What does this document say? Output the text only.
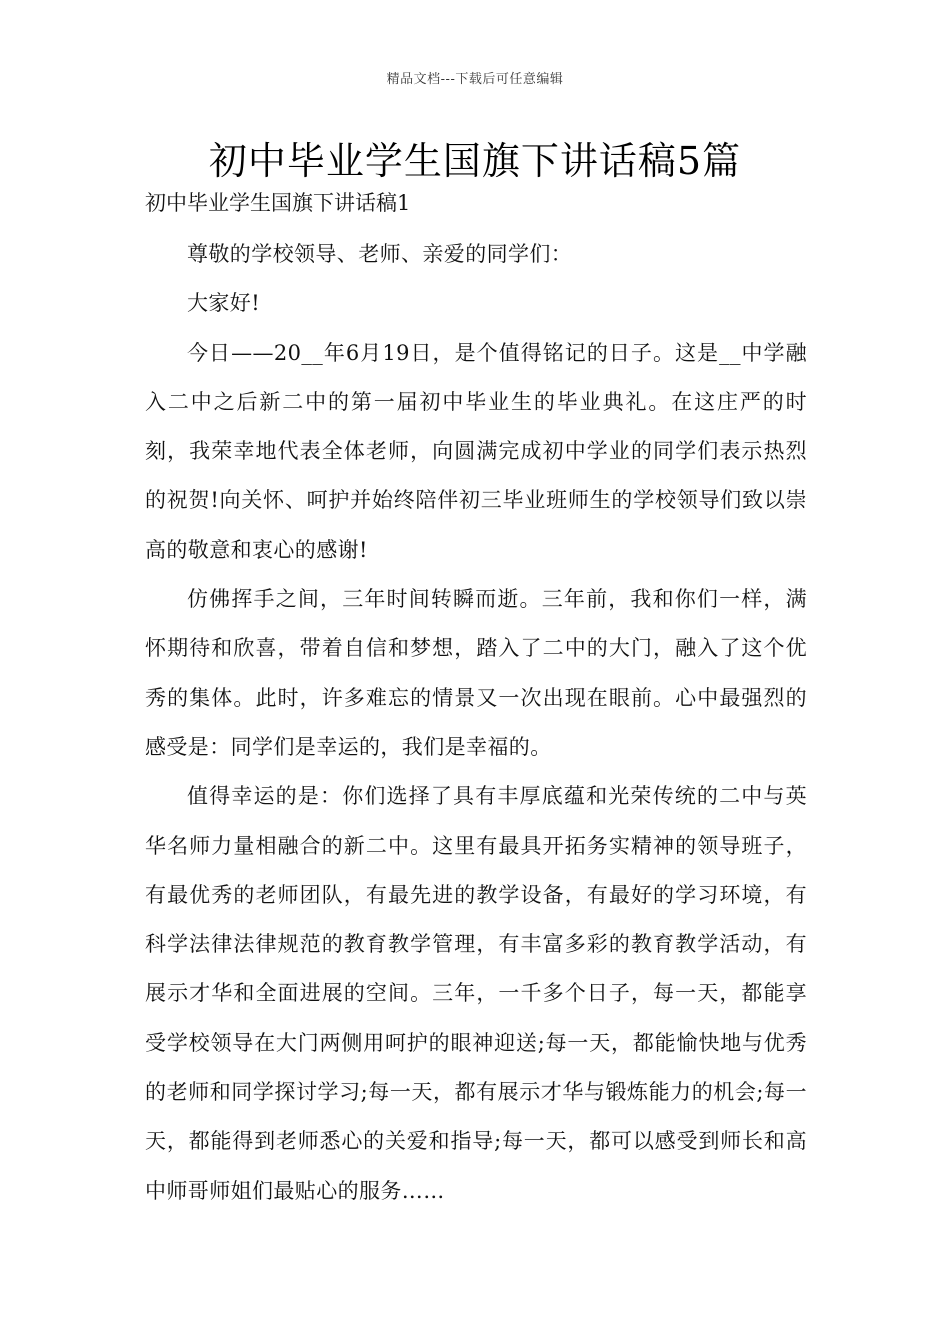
精品文档---下载后可任意编辑
初中毕业学生国旗下讲话稿5篇
初中毕业学生国旗下讲话稿1

尊敬的学校领导、老师、亲爱的同学们：

大家好!

今日——20__年6月19日，是个值得铭记的日子。这是__中学融入二中之后新二中的第一届初中毕业生的毕业典礼。在这庄严的时刻，我荣幸地代表全体老师，向圆满完成初中学业的同学们表示热烈的祝贺!向关怀、呵护并始终陪伴初三毕业班师生的学校领导们致以崇高的敬意和衷心的感谢!

仿佛挥手之间，三年时间转瞬而逝。三年前，我和你们一样，满怀期待和欣喜，带着自信和梦想，踏入了二中的大门，融入了这个优秀的集体。此时，许多难忘的情景又一次出现在眼前。心中最强烈的感受是：同学们是幸运的，我们是幸福的。

值得幸运的是：你们选择了具有丰厚底蕴和光荣传统的二中与英华名师力量相融合的新二中。这里有最具开拓务实精神的领导班子，有最优秀的老师团队，有最先进的教学设备，有最好的学习环境，有科学法律法律规范的教育教学管理，有丰富多彩的教育教学活动，有展示才华和全面进展的空间。三年，一千多个日子，每一天，都能享受学校领导在大门两侧用呵护的眼神迎送;每一天，都能愉快地与优秀的老师和同学探讨学习;每一天，都有展示才华与锻炼能力的机会;每一天，都能得到老师悉心的关爱和指导;每一天，都可以感受到师长和高中师哥师姐们最贴心的服务……
